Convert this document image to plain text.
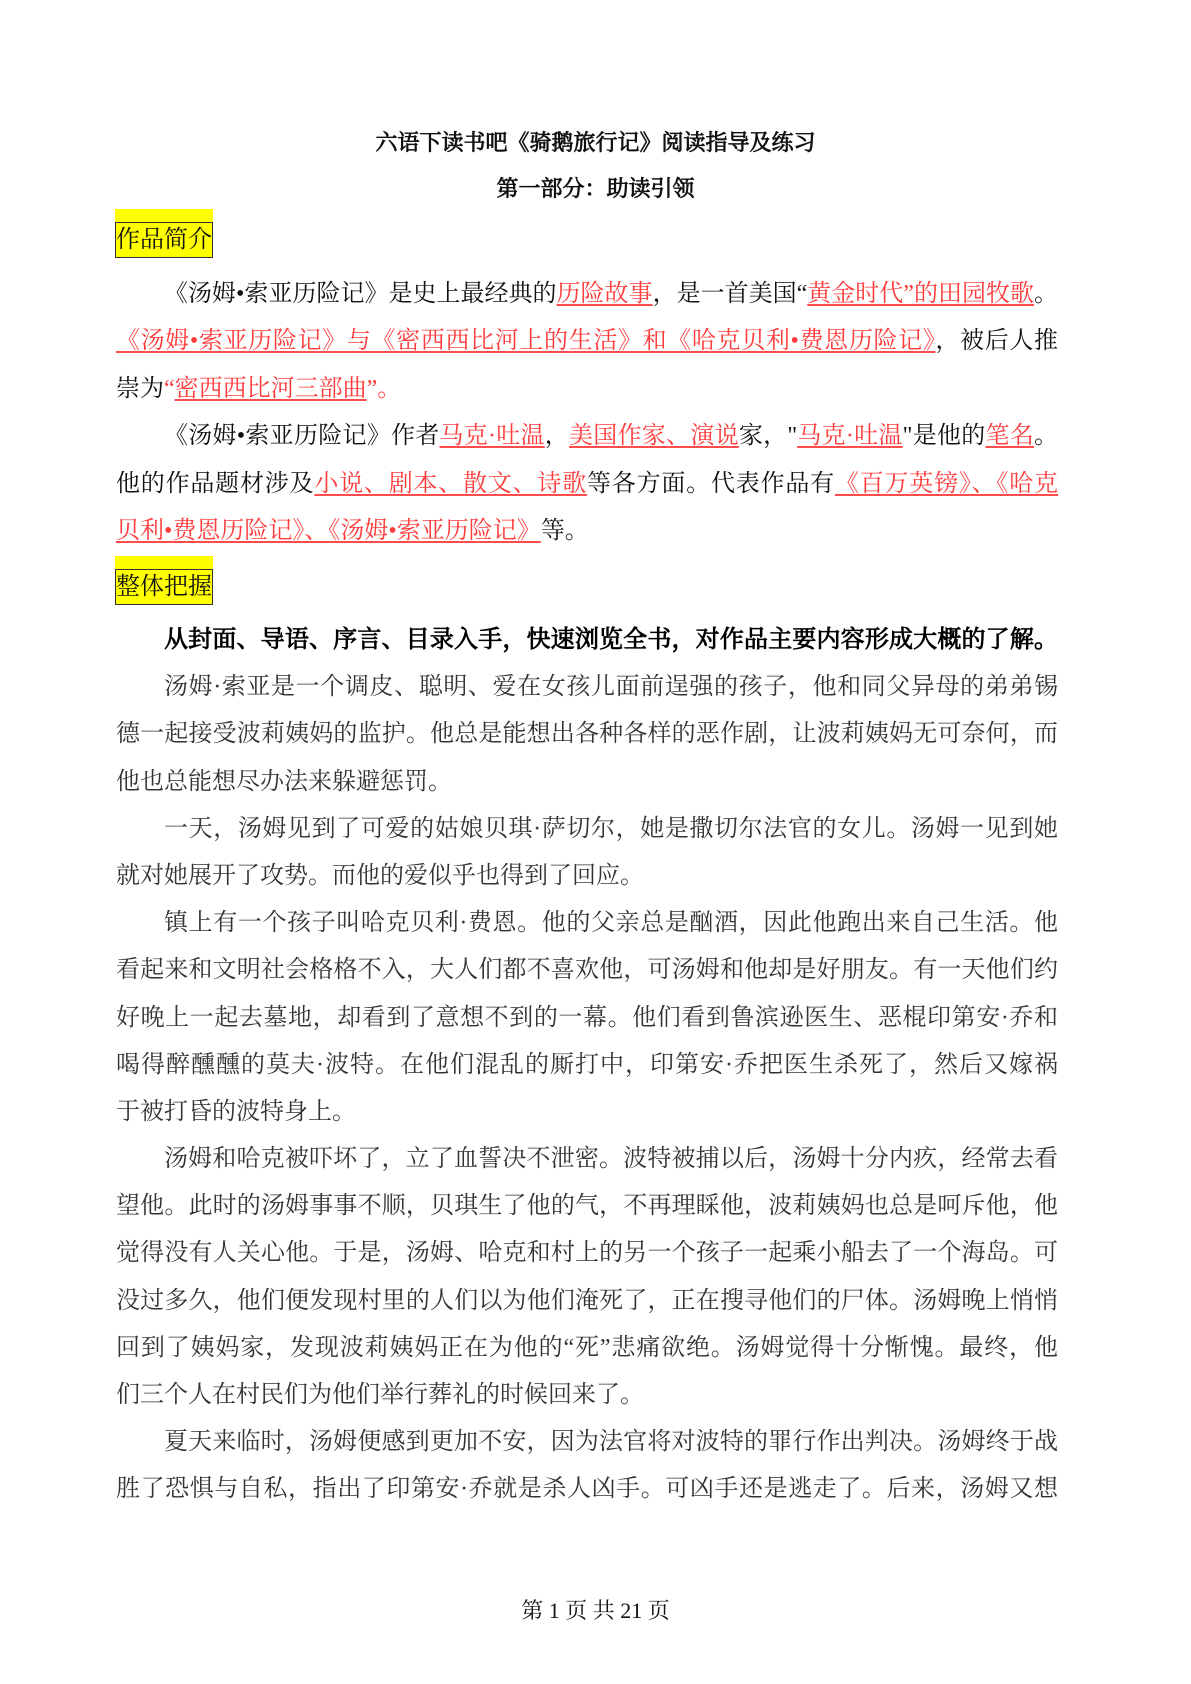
六语下读书吧《骑鹅旅行记》阅读指导及练习
第一部分：助读引领
作品简介
《汤姆•索亚历险记》是史上最经典的历险故事，是一首美国“黄金时代”的田园牧歌。
《汤姆•索亚历险记》与《密西西比河上的生活》和《哈克贝利•费恩历险记》，被后人推
崇为“密西西比河三部曲”。
《汤姆•索亚历险记》作者马克·吐温，美国作家、演说家，"马克·吐温"是他的笔名。
他的作品题材涉及小说、剧本、散文、诗歌等各方面。代表作品有《百万英镑》、《哈克
贝利•费恩历险记》、《汤姆•索亚历险记》等。
整体把握
从封面、导语、序言、目录入手，快速浏览全书，对作品主要内容形成大概的了解。
汤姆·索亚是一个调皮、聪明、爱在女孩儿面前逞强的孩子，他和同父异母的弟弟锡
德一起接受波莉姨妈的监护。他总是能想出各种各样的恶作剧，让波莉姨妈无可奈何，而
他也总能想尽办法来躲避惩罚。
一天，汤姆见到了可爱的姑娘贝琪·萨切尔，她是撒切尔法官的女儿。汤姆一见到她
就对她展开了攻势。而他的爱似乎也得到了回应。
镇上有一个孩子叫哈克贝利·费恩。他的父亲总是酗酒，因此他跑出来自己生活。他
看起来和文明社会格格不入，大人们都不喜欢他，可汤姆和他却是好朋友。有一天他们约
好晚上一起去墓地，却看到了意想不到的一幕。他们看到鲁滨逊医生、恶棍印第安·乔和
喝得醉醺醺的莫夫·波特。在他们混乱的厮打中，印第安·乔把医生杀死了，然后又嫁祸
于被打昏的波特身上。
汤姆和哈克被吓坏了，立了血誓决不泄密。波特被捕以后，汤姆十分内疚，经常去看
望他。此时的汤姆事事不顺，贝琪生了他的气，不再理睬他，波莉姨妈也总是呵斥他，他
觉得没有人关心他。于是，汤姆、哈克和村上的另一个孩子一起乘小船去了一个海岛。可
没过多久，他们便发现村里的人们以为他们淹死了，正在搜寻他们的尸体。汤姆晚上悄悄
回到了姨妈家，发现波莉姨妈正在为他的“死”悲痛欲绝。汤姆觉得十分惭愧。最终，他
们三个人在村民们为他们举行葬礼的时候回来了。
夏天来临时，汤姆便感到更加不安，因为法官将对波特的罪行作出判决。汤姆终于战
胜了恐惧与自私，指出了印第安·乔就是杀人凶手。可凶手还是逃走了。后来，汤姆又想
第 1 页 共 21 页
